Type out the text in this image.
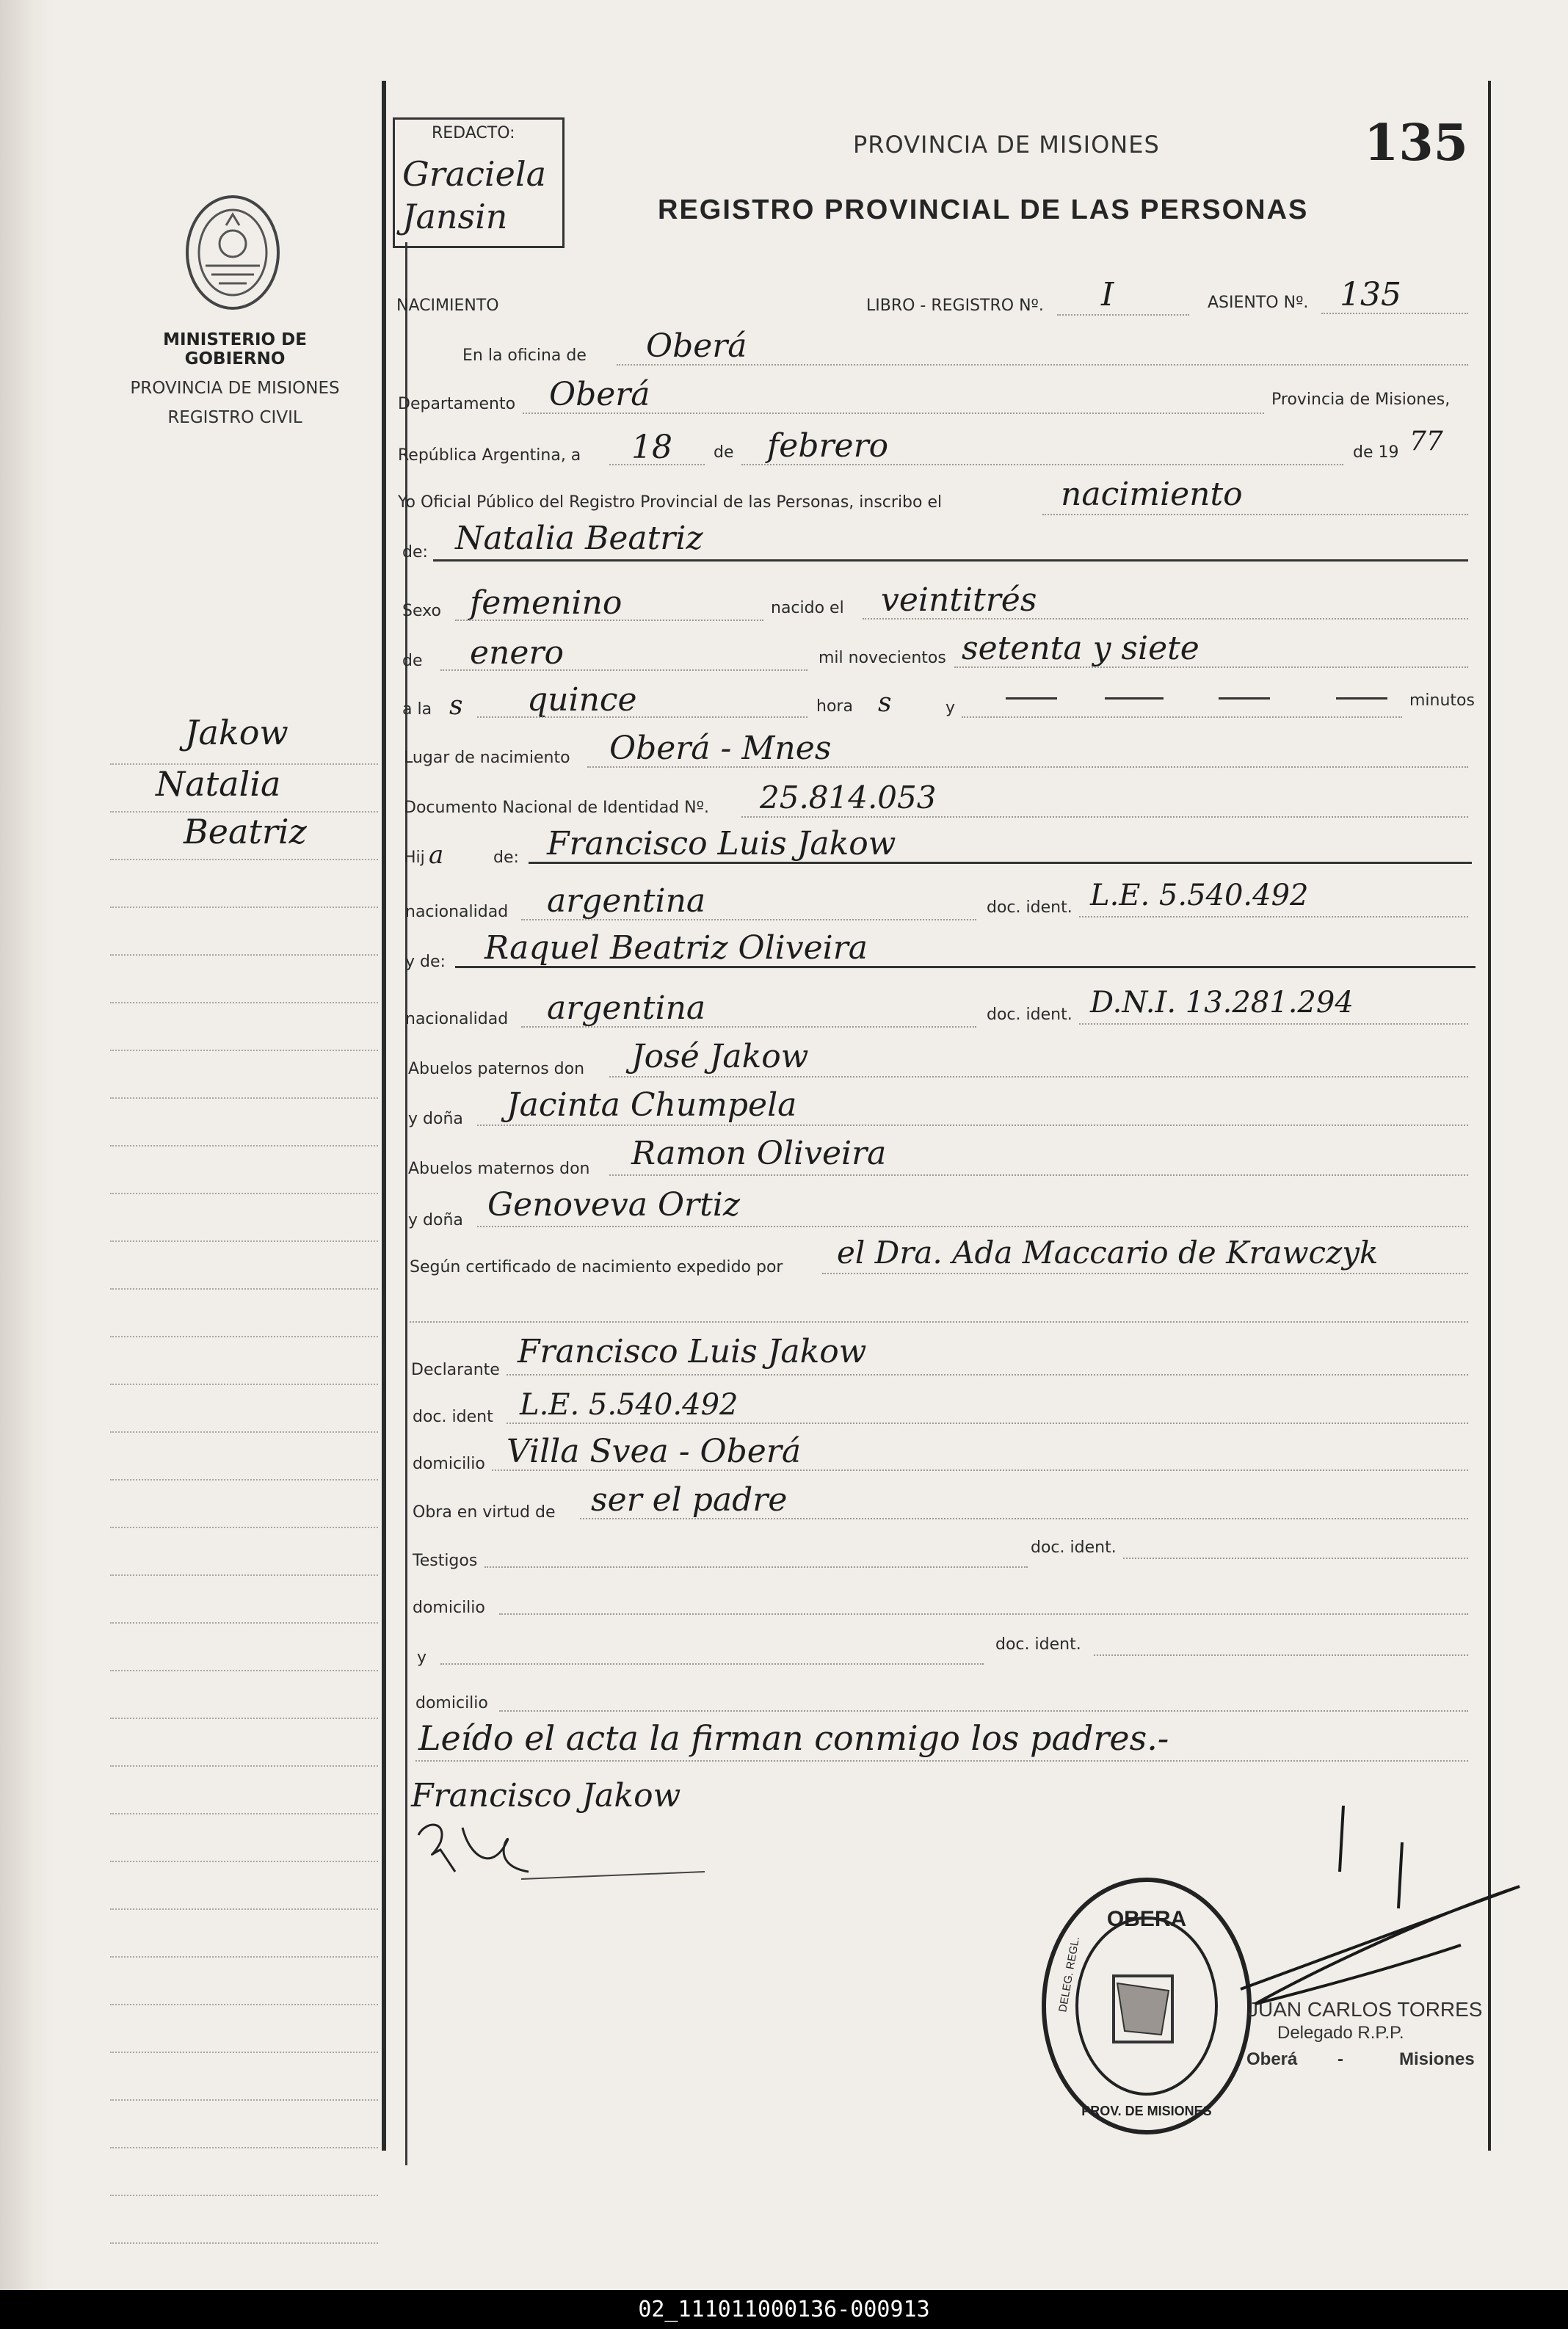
MINISTERIO DE GOBIERNO
PROVINCIA DE MISIONES
REGISTRO CIVIL
Jakow
Natalia
Beatriz
REDACTO:
Graciela
Jansin
PROVINCIA DE MISIONES	135
REGISTRO PROVINCIAL DE LAS PERSONAS
NACIMIENTO	LIBRO - REGISTRO Nº. I	ASIENTO Nº. 135
En la oficina de Oberá
Departamento Oberá	Provincia de Misiones,
República Argentina, a 18	de febrero	de 19 77
Yo Oficial Público del Registro Provincial de las Personas, inscribo el	nacimiento
de: Natalia Beatriz
Sexo femenino	nacido el veintitrés
de enero	mil novecientos setenta y siete
a la s quince	hora s	y	minutos
Lugar de nacimiento Oberá - Mnes
Documento Nacional de Identidad Nº. 25.814.053
Hij a	de: Francisco Luis Jakow
nacionalidad argentina	doc. ident. L.E. 5.540.492
y de: Raquel Beatriz Oliveira
nacionalidad argentina	doc. ident. D.N.I. 13.281.294
Abuelos paternos don José Jakow
y doña Jacinta Chumpela
Abuelos maternos don Ramon Oliveira
y doña Genoveva Ortiz
Según certificado de nacimiento expedido por el Dra. Ada Maccario de Krawczyk
Declarante Francisco Luis Jakow
doc. ident L.E. 5.540.492
domicilio Villa Svea - Oberá
Obra en virtud de ser el padre
Testigos
doc. ident.
domicilio
y
doc. ident.
domicilio
Leído el acta la firman conmigo los padres.-
Francisco Jakow
OBERA
DELEG. REGL.
PROV. DE MISIONES
JUAN CARLOS TORRES
Delegado R.P.P.
Oberá -	Misiones
02_111011000136-000913
